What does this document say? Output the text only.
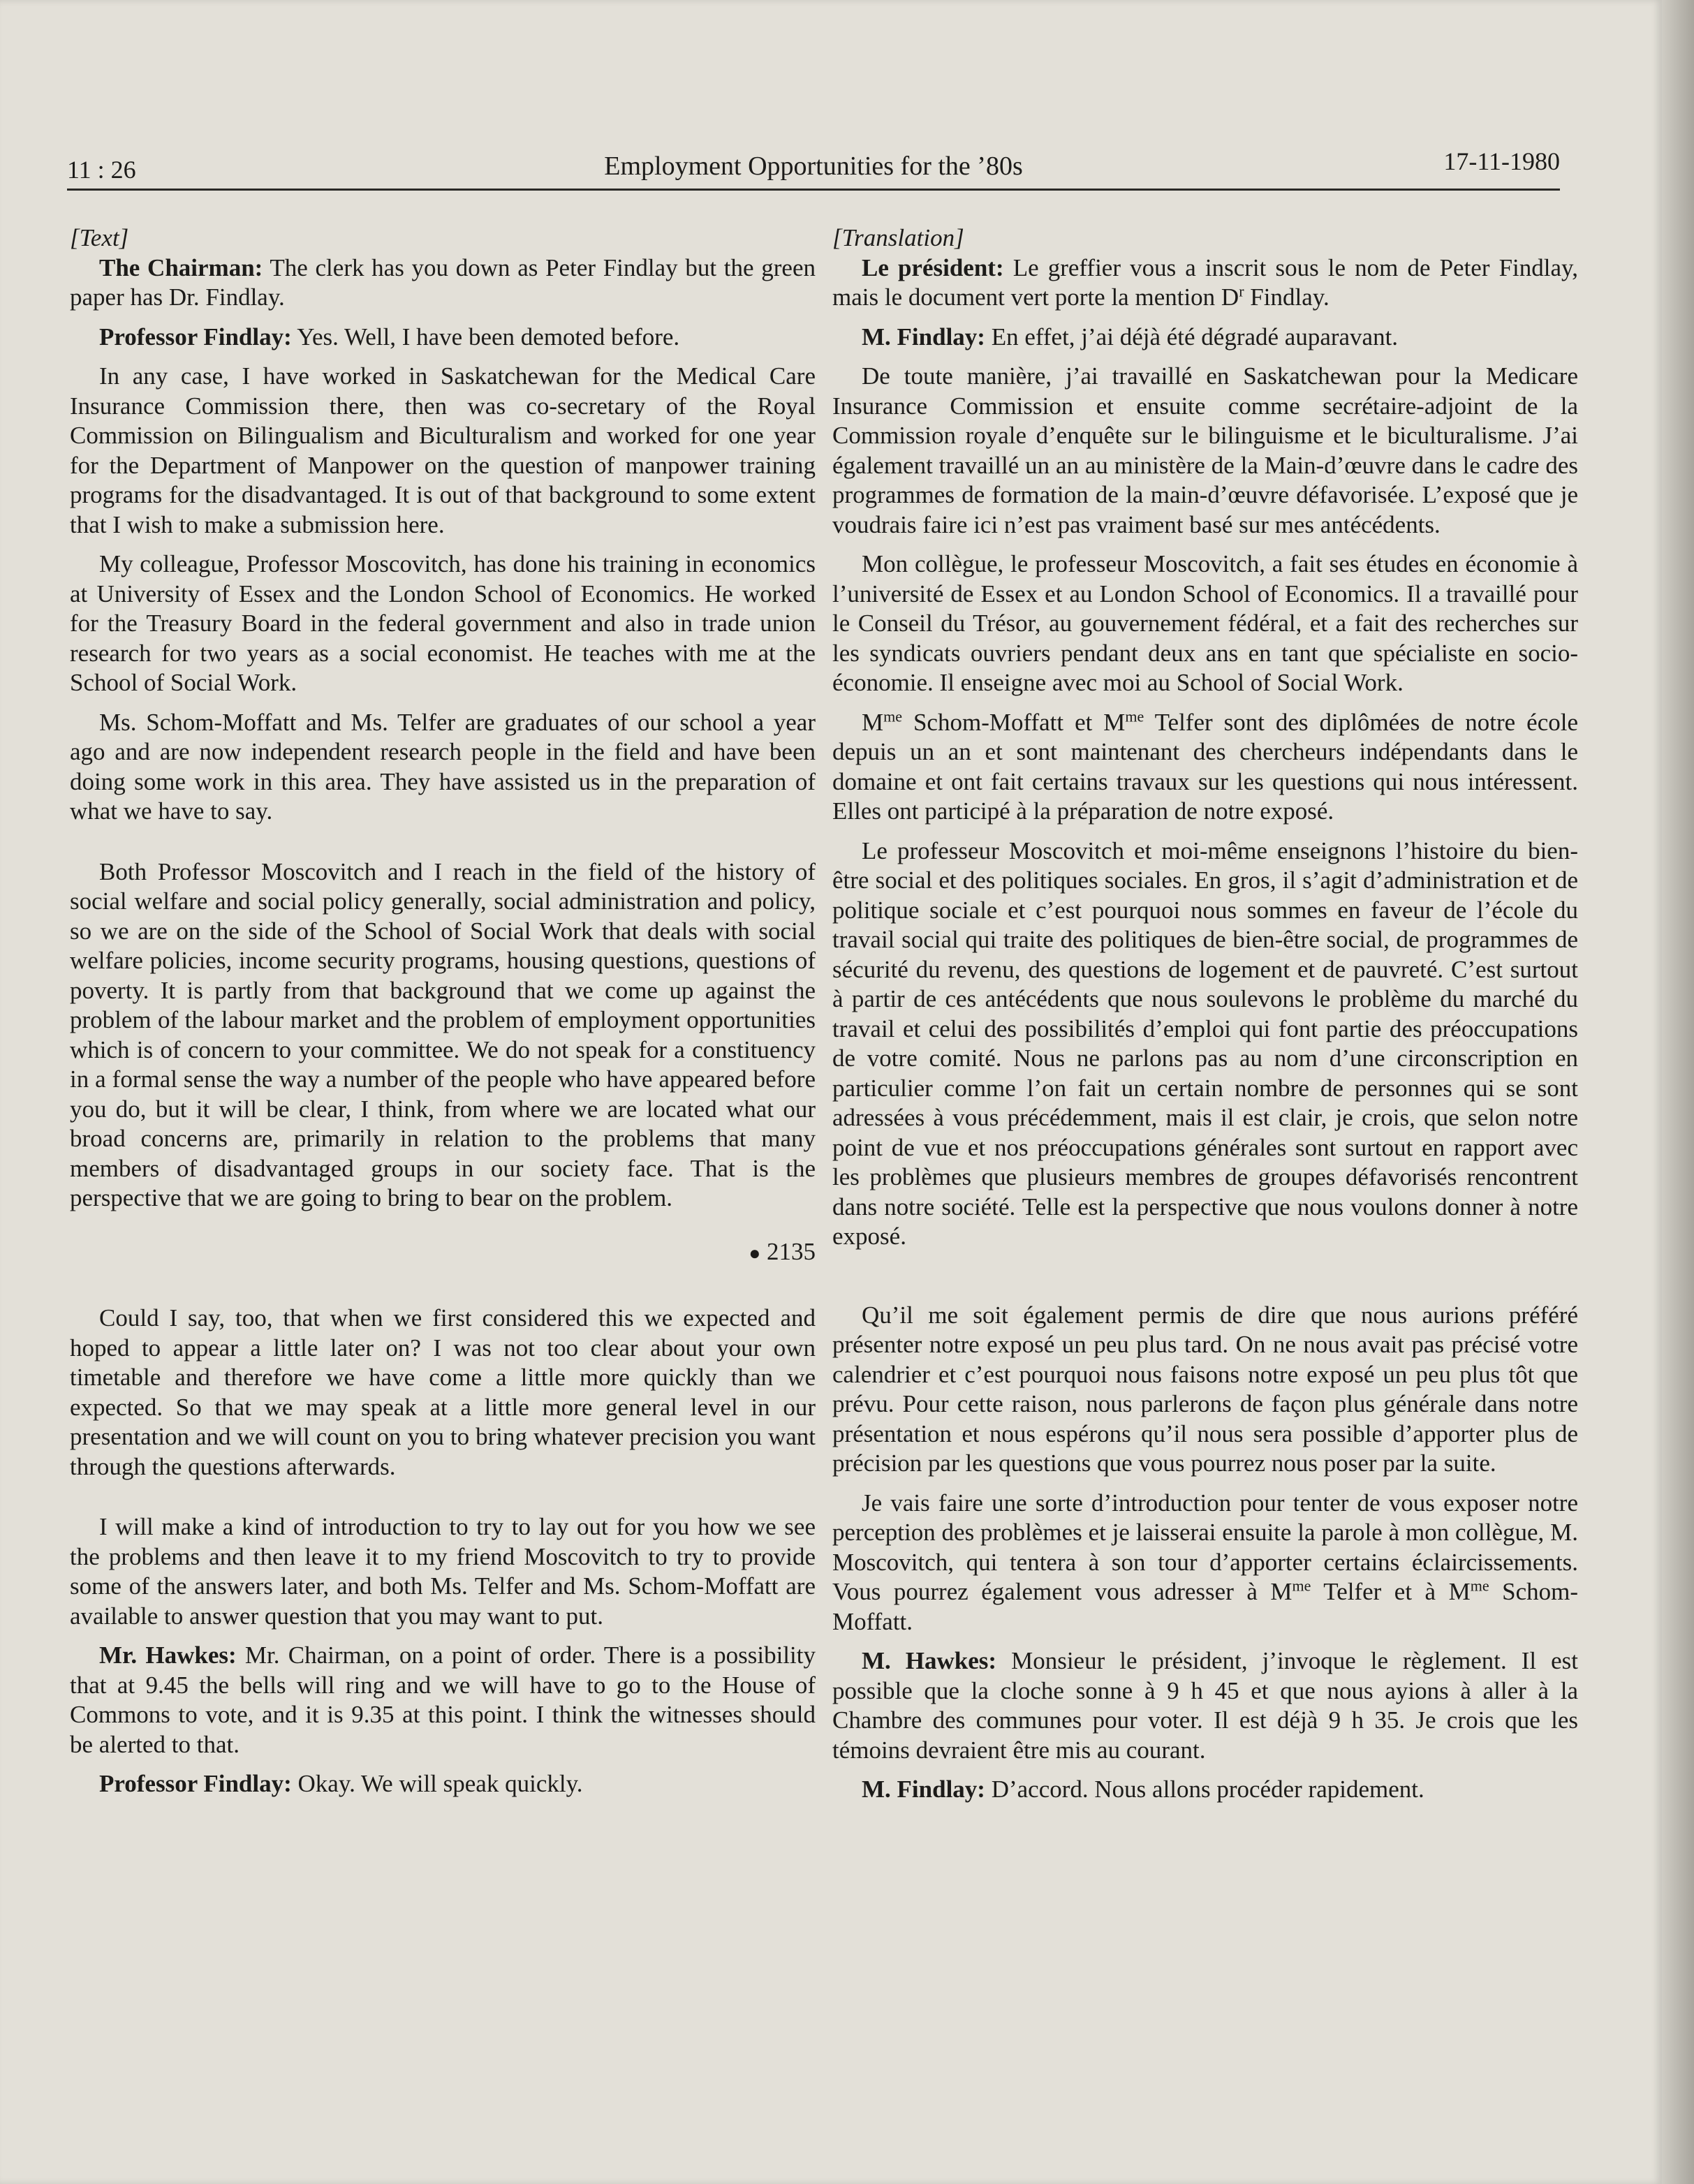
11 : 26	Employment Opportunities for the ’80s	17-11-1980

[Text]

The Chairman: The clerk has you down as Peter Findlay but the green paper has Dr. Findlay.

Professor Findlay: Yes. Well, I have been demoted before.

In any case, I have worked in Saskatchewan for the Medical Care Insurance Commission there, then was co-secretary of the Royal Commission on Bilingualism and Biculturalism and worked for one year for the Department of Manpower on the question of manpower training programs for the disadvantaged. It is out of that background to some extent that I wish to make a submission here.

My colleague, Professor Moscovitch, has done his training in economics at University of Essex and the London School of Economics. He worked for the Treasury Board in the federal government and also in trade union research for two years as a social economist. He teaches with me at the School of Social Work.

Ms. Schom-Moffatt and Ms. Telfer are graduates of our school a year ago and are now independent research people in the field and have been doing some work in this area. They have assisted us in the preparation of what we have to say.

Both Professor Moscovitch and I reach in the field of the history of social welfare and social policy generally, social administration and policy, so we are on the side of the School of Social Work that deals with social welfare policies, income security programs, housing questions, questions of poverty. It is partly from that background that we come up against the problem of the labour market and the problem of employment opportunities which is of concern to your committee. We do not speak for a constituency in a formal sense the way a number of the people who have appeared before you do, but it will be clear, I think, from where we are located what our broad concerns are, primarily in relation to the problems that many members of disadvantaged groups in our society face. That is the perspective that we are going to bring to bear on the problem.

● 2135

Could I say, too, that when we first considered this we expected and hoped to appear a little later on? I was not too clear about your own timetable and therefore we have come a little more quickly than we expected. So that we may speak at a little more general level in our presentation and we will count on you to bring whatever precision you want through the questions afterwards.

I will make a kind of introduction to try to lay out for you how we see the problems and then leave it to my friend Moscovitch to try to provide some of the answers later, and both Ms. Telfer and Ms. Schom-Moffatt are available to answer question that you may want to put.

Mr. Hawkes: Mr. Chairman, on a point of order. There is a possibility that at 9.45 the bells will ring and we will have to go to the House of Commons to vote, and it is 9.35 at this point. I think the witnesses should be alerted to that.

Professor Findlay: Okay. We will speak quickly.

[Translation]

Le président: Le greffier vous a inscrit sous le nom de Peter Findlay, mais le document vert porte la mention $D^r$ Findlay.

M. Findlay: En effet, j’ai déjà été dégradé auparavant.

De toute manière, j’ai travaillé en Saskatchewan pour la Medicare Insurance Commission et ensuite comme secrétaire-adjoint de la Commission royale d’enquête sur le bilinguisme et le biculturalisme. J’ai également travaillé un an au ministère de la Main-d’œuvre dans le cadre des programmes de formation de la main-d’œuvre défavorisée. L’exposé que je voudrais faire ici n’est pas vraiment basé sur mes antécédents.

Mon collègue, le professeur Moscovitch, a fait ses études en économie à l’université de Essex et au London School of Economics. Il a travaillé pour le Conseil du Trésor, au gouvernement fédéral, et a fait des recherches sur les syndicats ouvriers pendant deux ans en tant que spécialiste en socio-économie. Il enseigne avec moi au School of Social Work.

$M^{me}$ Schom-Moffatt et $M^{me}$ Telfer sont des diplômées de notre école depuis un an et sont maintenant des chercheurs indépendants dans le domaine et ont fait certains travaux sur les questions qui nous intéressent. Elles ont participé à la préparation de notre exposé.

Le professeur Moscovitch et moi-même enseignons l’histoire du bien-être social et des politiques sociales. En gros, il s’agit d’administration et de politique sociale et c’est pourquoi nous sommes en faveur de l’école du travail social qui traite des politiques de bien-être social, de programmes de sécurité du revenu, des questions de logement et de pauvreté. C’est surtout à partir de ces antécédents que nous soulevons le problème du marché du travail et celui des possibilités d’emploi qui font partie des préoccupations de votre comité. Nous ne parlons pas au nom d’une circonscription en particulier comme l’on fait un certain nombre de personnes qui se sont adressées à vous précédemment, mais il est clair, je crois, que selon notre point de vue et nos préoccupations générales sont surtout en rapport avec les problèmes que plusieurs membres de groupes défavorisés rencontrent dans notre société. Telle est la perspective que nous voulons donner à notre exposé.

Qu’il me soit également permis de dire que nous aurions préféré présenter notre exposé un peu plus tard. On ne nous avait pas précisé votre calendrier et c’est pourquoi nous faisons notre exposé un peu plus tôt que prévu. Pour cette raison, nous parlerons de façon plus générale dans notre présentation et nous espérons qu’il nous sera possible d’apporter plus de précision par les questions que vous pourrez nous poser par la suite.

Je vais faire une sorte d’introduction pour tenter de vous exposer notre perception des problèmes et je laisserai ensuite la parole à mon collègue, M. Moscovitch, qui tentera à son tour d’apporter certains éclaircissements. Vous pourrez également vous adresser à $M^{me}$ Telfer et à $M^{me}$ Schom-Moffatt.

M. Hawkes: Monsieur le président, j’invoque le règlement. Il est possible que la cloche sonne à 9 h 45 et que nous ayions à aller à la Chambre des communes pour voter. Il est déjà 9 h 35. Je crois que les témoins devraient être mis au courant.

M. Findlay: D’accord. Nous allons procéder rapidement.
